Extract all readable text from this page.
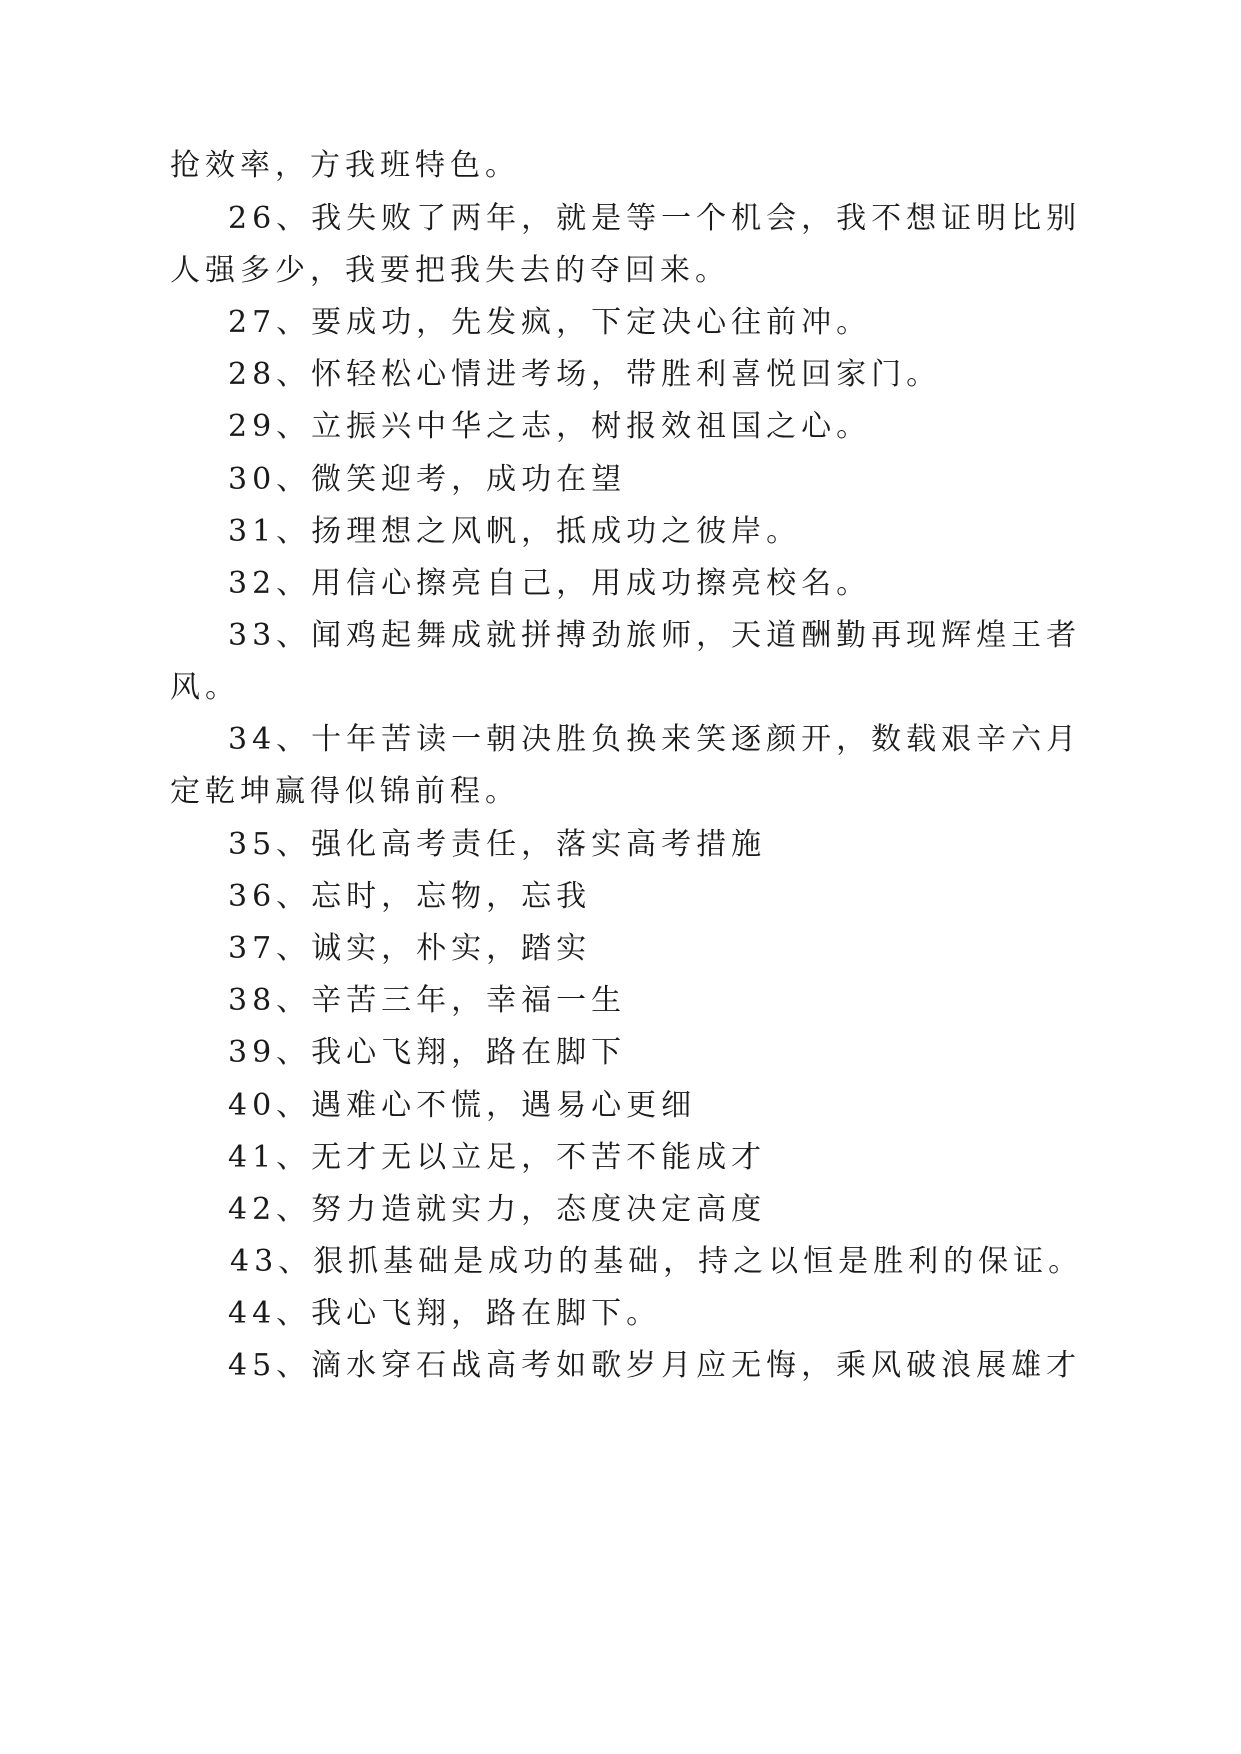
抢效率，方我班特色。
26、我失败了两年，就是等一个机会，我不想证明比别
人强多少，我要把我失去的夺回来。
27、要成功，先发疯，下定决心往前冲。
28、怀轻松心情进考场，带胜利喜悦回家门。
29、立振兴中华之志，树报效祖国之心。
30、微笑迎考，成功在望
31、扬理想之风帆，抵成功之彼岸。
32、用信心擦亮自己，用成功擦亮校名。
33、闻鸡起舞成就拼搏劲旅师，天道酬勤再现辉煌王者
风。
34、十年苦读一朝决胜负换来笑逐颜开，数载艰辛六月
定乾坤赢得似锦前程。
35、强化高考责任，落实高考措施
36、忘时，忘物，忘我
37、诚实，朴实，踏实
38、辛苦三年，幸福一生
39、我心飞翔，路在脚下
40、遇难心不慌，遇易心更细
41、无才无以立足，不苦不能成才
42、努力造就实力，态度决定高度
43、狠抓基础是成功的基础，持之以恒是胜利的保证。
44、我心飞翔，路在脚下。
45、滴水穿石战高考如歌岁月应无悔，乘风破浪展雄才
